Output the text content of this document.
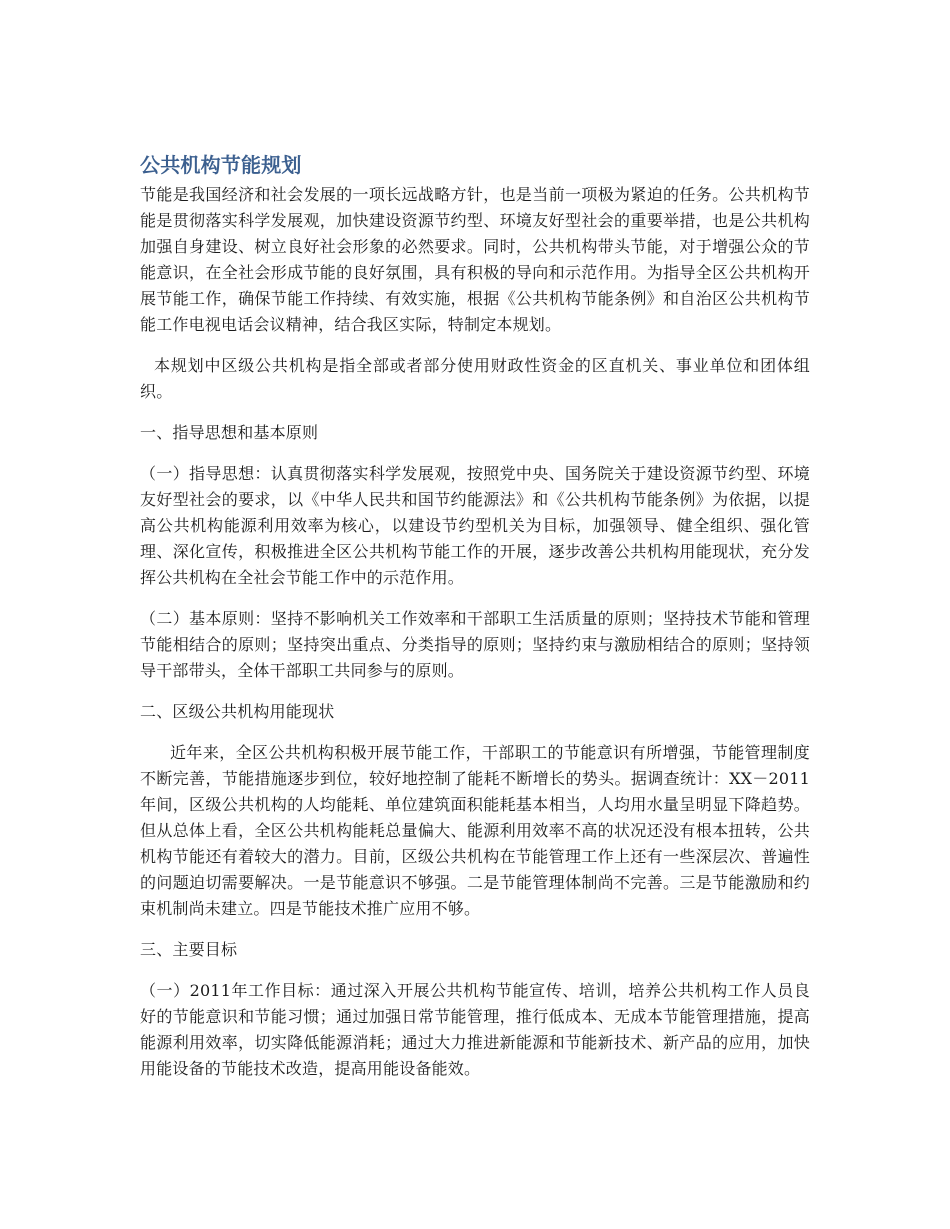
公共机构节能规划

节能是我国经济和社会发展的一项长远战略方针，也是当前一项极为紧迫的任务。公共机构节能是贯彻落实科学发展观，加快建设资源节约型、环境友好型社会的重要举措，也是公共机构加强自身建设、树立良好社会形象的必然要求。同时，公共机构带头节能，对于增强公众的节能意识，在全社会形成节能的良好氛围，具有积极的导向和示范作用。为指导全区公共机构开展节能工作，确保节能工作持续、有效实施，根据《公共机构节能条例》和自治区公共机构节能工作电视电话会议精神，结合我区实际，特制定本规划。

本规划中区级公共机构是指全部或者部分使用财政性资金的区直机关、事业单位和团体组织。

一、指导思想和基本原则

（一）指导思想：认真贯彻落实科学发展观，按照党中央、国务院关于建设资源节约型、环境友好型社会的要求，以《中华人民共和国节约能源法》和《公共机构节能条例》为依据，以提高公共机构能源利用效率为核心，以建设节约型机关为目标，加强领导、健全组织、强化管理、深化宣传，积极推进全区公共机构节能工作的开展，逐步改善公共机构用能现状，充分发挥公共机构在全社会节能工作中的示范作用。

（二）基本原则：坚持不影响机关工作效率和干部职工生活质量的原则；坚持技术节能和管理节能相结合的原则；坚持突出重点、分类指导的原则；坚持约束与激励相结合的原则；坚持领导干部带头，全体干部职工共同参与的原则。

二、区级公共机构用能现状

近年来，全区公共机构积极开展节能工作，干部职工的节能意识有所增强，节能管理制度不断完善，节能措施逐步到位，较好地控制了能耗不断增长的势头。据调查统计：XX－2011年间，区级公共机构的人均能耗、单位建筑面积能耗基本相当，人均用水量呈明显下降趋势。但从总体上看，全区公共机构能耗总量偏大、能源利用效率不高的状况还没有根本扭转，公共机构节能还有着较大的潜力。目前，区级公共机构在节能管理工作上还有一些深层次、普遍性的问题迫切需要解决。一是节能意识不够强。二是节能管理体制尚不完善。三是节能激励和约束机制尚未建立。四是节能技术推广应用不够。

三、主要目标

（一）2011年工作目标：通过深入开展公共机构节能宣传、培训，培养公共机构工作人员良好的节能意识和节能习惯；通过加强日常节能管理，推行低成本、无成本节能管理措施，提高能源利用效率，切实降低能源消耗；通过大力推进新能源和节能新技术、新产品的应用，加快用能设备的节能技术改造，提高用能设备能效。
